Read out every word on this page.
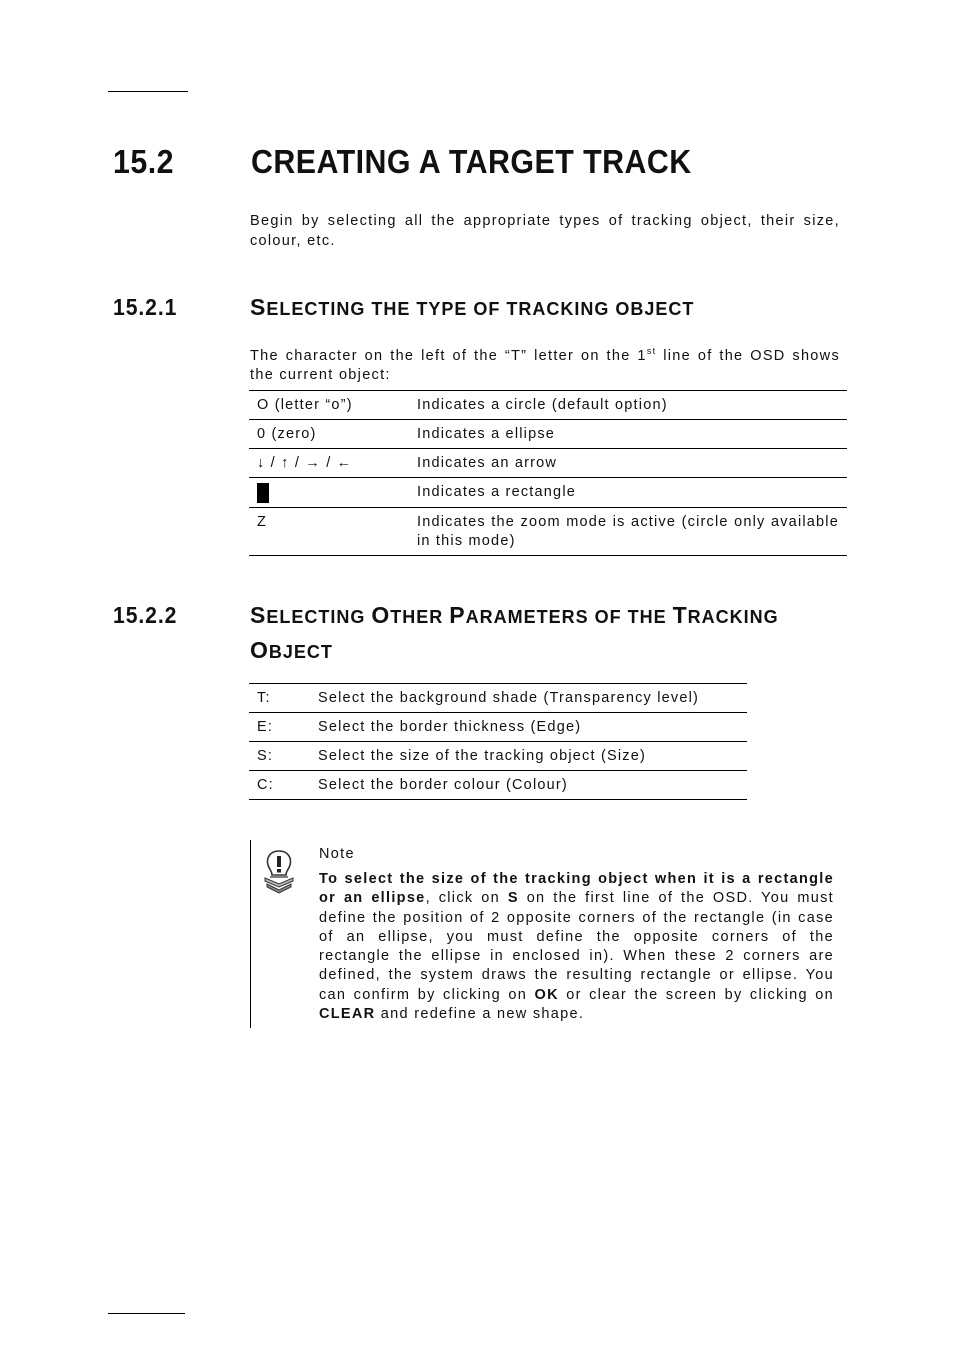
15.2 CREATING A TARGET TRACK
Begin by selecting all the appropriate types of tracking object, their size, colour, etc.
15.2.1	SELECTING THE TYPE OF TRACKING OBJECT
The character on the left of the “T” letter on the 1st line of the OSD shows the current object:
O (letter “o”)	Indicates a circle (default option)
0 (zero)	Indicates a ellipse
↓ / ↑ / → / ←	Indicates an arrow
	Indicates a rectangle
Z	Indicates the zoom mode is active (circle only available in this mode)
15.2.2	SELECTING OTHER PARAMETERS OF THE TRACKING OBJECT
T:	Select the background shade (Transparency level)
E:	Select the border thickness (Edge)
S:	Select the size of the tracking object (Size)
C:	Select the border colour (Colour)
Note
To select the size of the tracking object when it is a rectangle or an ellipse, click on S on the first line of the OSD. You must define the position of 2 opposite corners of the rectangle (in case of an ellipse, you must define the opposite corners of the rectangle the ellipse in enclosed in). When these 2 corners are defined, the system draws the resulting rectangle or ellipse. You can confirm by clicking on OK or clear the screen by clicking on CLEAR and redefine a new shape.
